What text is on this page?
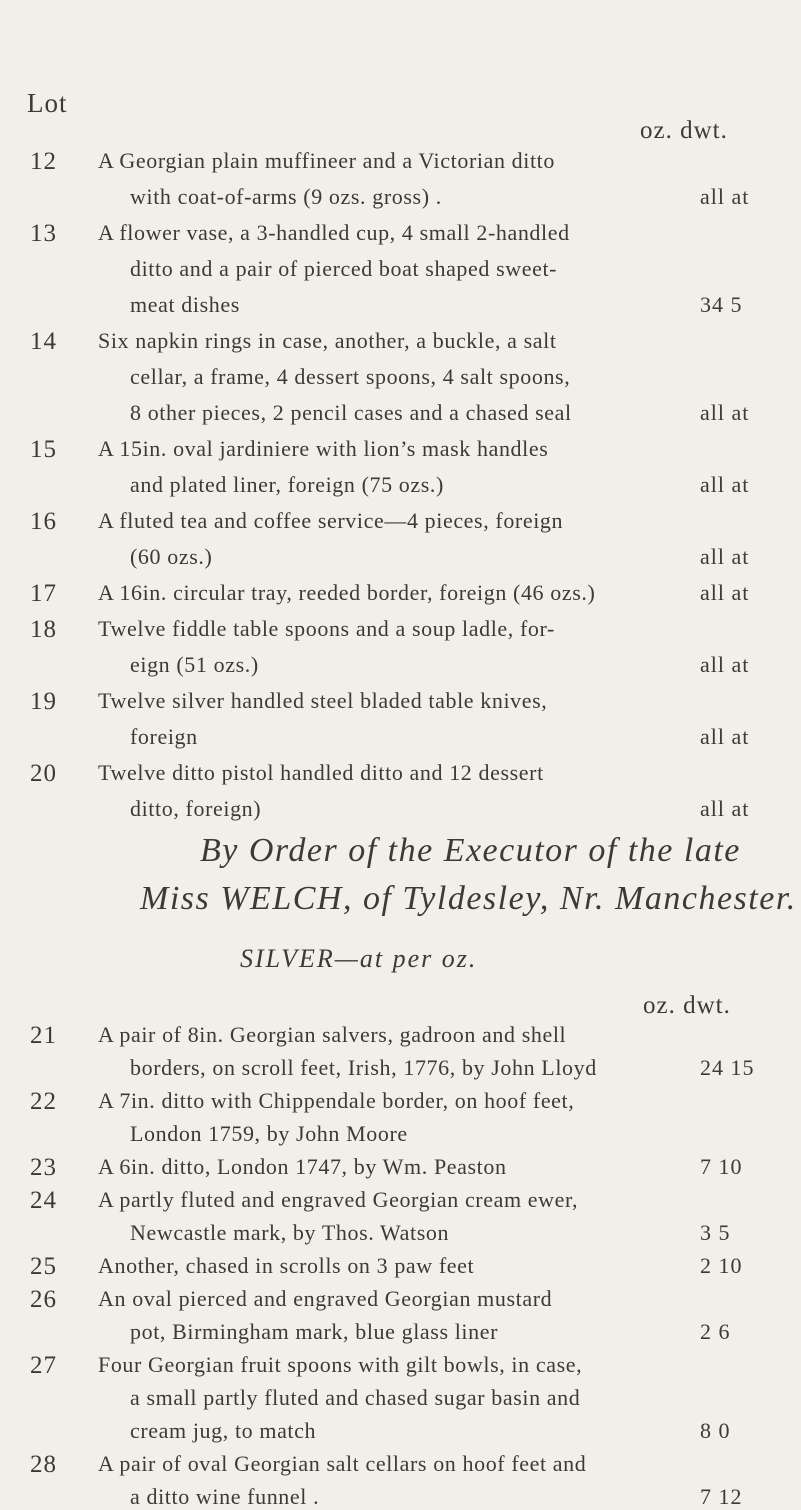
Lot
oz. dwt.
12	A Georgian plain muffineer and a Victorian ditto
with coat-of-arms (9 ozs. gross) .	all at
13	A flower vase, a 3-handled cup, 4 small 2-handled
ditto and a pair of pierced boat shaped sweet-
meat dishes	34 5
14	Six napkin rings in case, another, a buckle, a salt
cellar, a frame, 4 dessert spoons, 4 salt spoons,
8 other pieces, 2 pencil cases and a chased seal	all at
15	A 15in. oval jardiniere with lion’s mask handles
and plated liner, foreign (75 ozs.)	all at
16	A fluted tea and coffee service—4 pieces, foreign
(60 ozs.)	all at
17	A 16in. circular tray, reeded border, foreign (46 ozs.)	all at
18	Twelve fiddle table spoons and a soup ladle, for-
eign (51 ozs.)	all at
19	Twelve silver handled steel bladed table knives,
foreign	all at
20	Twelve ditto pistol handled ditto and 12 dessert
ditto, foreign)	all at
By Order of the Executor of the late
Miss WELCH, of Tyldesley, Nr. Manchester.
SILVER—at per oz.
oz. dwt.
21	A pair of 8in. Georgian salvers, gadroon and shell
borders, on scroll feet, Irish, 1776, by John Lloyd	24 15
22	A 7in. ditto with Chippendale border, on hoof feet,
London 1759, by John Moore
23	A 6in. ditto, London 1747, by Wm. Peaston	7 10
24	A partly fluted and engraved Georgian cream ewer,
Newcastle mark, by Thos. Watson	3 5
25	Another, chased in scrolls on 3 paw feet	2 10
26	An oval pierced and engraved Georgian mustard
pot, Birmingham mark, blue glass liner	2 6
27	Four Georgian fruit spoons with gilt bowls, in case,
a small partly fluted and chased sugar basin and
cream jug, to match	8 0
28	A pair of oval Georgian salt cellars on hoof feet and
a ditto wine funnel .	7 12
